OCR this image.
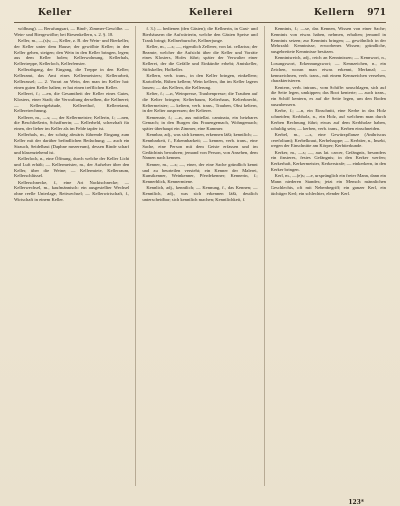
Keller	Kellerei	Kellern 971

wölbung). — Berufungsart, — Bind-, Zimmer-Gewölbe. — Wein- und Biergewölbe; bei Riesenkellern, s. 2. §. 18.

Keller, m., —(s)s; —, Keller, z. B. der Wein- und Bierkeller, der Keller unter dem Hause; der gewölbte Keller; in den Keller gehen, steigen; den Wein in den Keller bringen, legen; aus dem Keller holen; Kellerwohnung, Kellerhals, Kellertreppe, Kellerloch, Kellerfenster.

Kellerabgang, der Eingang, die Treppe in den Keller; Kelleramt, das Amt eines Kellermeisters; Kellerarbeit, Kellerassel; — 2. Vorrat an Wein, den man im Keller hat: einen guten Keller halten; er hat einen trefflichen Keller.

Kellerei, f.; —en, die Gesamtheit der Keller eines Gutes, Klosters, einer Stadt; die Verwaltung derselben, die Kellnerei; — Kellereigebäude, Kellereihof, Kellereiamt, Kellereirechnung.

Kellerer, m., —s; —, der Kellermeister; Kellerin, f.; —nen, die Beschließerin, Schaffnerin; — Kellerheld, scherzhaft für einen, der lieber im Keller als im Felde tapfer ist.

Kellerhals, m., der schräg abwärts führende Eingang zum Keller mit der darüber befindlichen Bedachung; — auch ein Strauch, Seidelbast (Daphne mezereum), dessen Rinde scharf und blasenziehend ist.

Kellerloch, n., eine Öffnung, durch welche der Keller Licht und Luft erhält; — Kellermeister, m., der Aufseher über den Keller, über die Weine; — Kellermiete, Kellerraum, Kellerschlüssel.

Kellerschnecke, f., eine Art Nacktschnecke; — Kellerwechsel, m., kaufmännisch: ein ausgestellter Wechsel ohne reelle Unterlage, Reitwechsel; — Kellerwirtschaft, f., Wirtschaft in einem Keller.

f. 3.) — bedienen (den Gästen); die Kellnerin, in Gast- und Bierhäusern die Aufwärterin, welche den Gästen Speise und Trank bringt; Kellnerbursche, Kellnerjunge.

Keller, m., —s; —, eigentlich Zellerer, von lat. cellarius; der Beamte, welcher die Aufsicht über die Keller und Vorräte eines Klosters, Hofes führt; später der Verwalter einer Kellerei, der die Gefälle und Einkünfte erhebt; Amtskeller, Stiftskeller, Hofkeller.

Kellern, verb. trans., in den Keller bringen, einkellern; Kartoffeln, Rüben kellern; Wein kellern, ihn im Keller lagern lassen; — das Kellern, die Kellerung.

Kelter, f.; —n, Weinpresse, Traubenpresse; die Trauben auf die Kelter bringen; Kelterbaum, Kelterhaus, Kelterknecht, Keltermeister; — keltern, verb. trans., Trauben, Obst keltern, in der Kelter auspressen; der Kelterer.

Kemenate, f.; —n, aus mittellat. caminata, ein heizbares Gemach; in den Burgen das Frauengemach, Wohngemach; später überhaupt ein Zimmer, eine Kammer.

Kennbar, adj., was sich kennen, erkennen läßt; kenntlich; — Kennbarkeit, f., Erkennbarkeit; — kennen, verb. trans., eine Sache, eine Person mit dem Geiste erfassen und im Gedächtnis bewahren; jemand von Person, von Ansehen, dem Namen nach kennen.

Kenner, m., —s; —, einer, der eine Sache gründlich kennt und zu beurteilen versteht; ein Kenner der Malerei, Kunstkenner, Weinkenner, Pferdekenner; Kennerin, f.; Kennerblick, Kennermiene.

Kennlich, adj., kenntlich; — Kennung, f., das Kennen; — Kenntlich, adj., was sich erkennen läßt, deutlich unterscheidbar; sich kenntlich machen; Kenntlichkeit, f.

Kenntnis, f.; —se, das Kennen, Wissen von einer Sache; Kenntnis von etwas haben, nehmen, erhalten; jemand in Kenntnis setzen; zur Kenntnis bringen; — gewöhnlich in der Mehrzahl: Kenntnisse, erworbenes Wissen; gründliche, ausgebreitete Kenntnisse besitzen.

Kenntnisreich, adj., reich an Kenntnissen; — Kennwort, n., Losungswort, Erkennungswort; — Kennzeichen, n., ein Zeichen, woran man etwas erkennt, Merkmal; — kennzeichnen, verb. trans., mit einem Kennzeichen versehen, charakterisieren.

Kentern, verb. intrans., vom Schiffe: umschlagen, sich auf die Seite legen, umkippen; das Boot kenterte; — auch trans., ein Schiff kentern, es auf die Seite legen, um den Boden auszubessern.

Kerbe, f.; —n, ein Einschnitt, eine Kerbe in das Holz schneiden; Kerbholz, n., ein Holz, auf welchem man durch Kerben Rechnung führt; etwas auf dem Kerbholze haben, schuldig sein; — kerben, verb. trans., Kerben einschneiden.

Kerbel, m., —s, eine Gewürzpflanze (Anthriscus cerefolium); Kerbelkraut, Kerbelsuppe; — Kerbtier, n., Insekt, wegen der Einschnitte am Körper; Kerbtierkunde.

Kerker, m., —s; —, aus lat. carcer, Gefängnis, besonders ein finsteres, festes Gefängnis; in den Kerker werfen; Kerkerhaft, Kerkermeister, Kerkerstrafe; — einkerkern, in den Kerker bringen.

Kerl, m., —(e)s; —e, ursprünglich ein freier Mann, dann ein Mann niederen Standes; jetzt ein Mensch männlichen Geschlechts, oft mit Nebenbegriff; ein ganzer Kerl, ein tüchtiger Kerl; ein schlechter, elender Kerl.

123*
